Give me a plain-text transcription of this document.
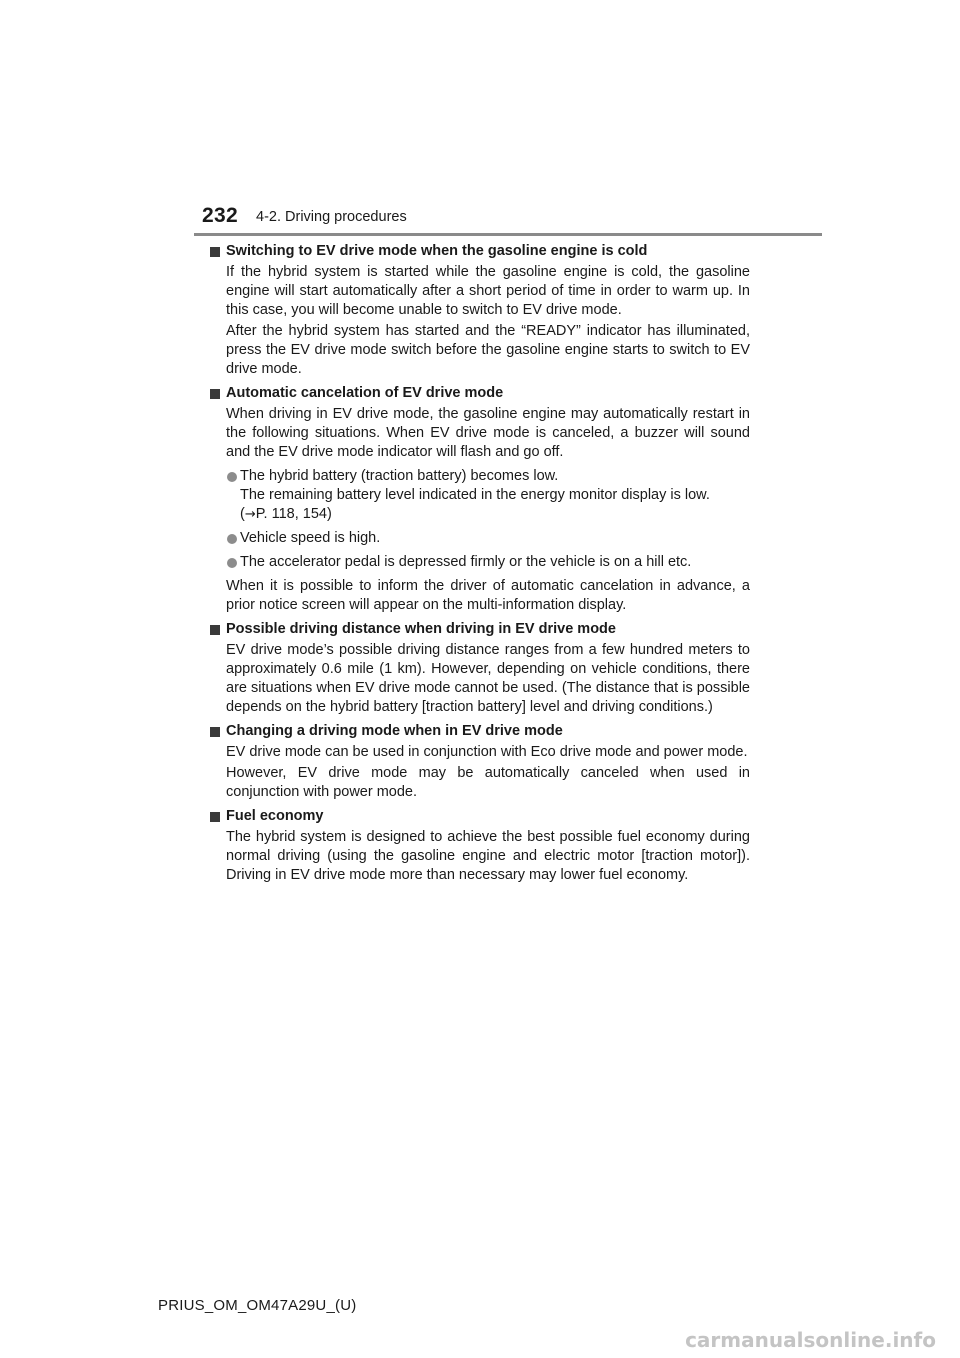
232 4-2. Driving procedures
Switching to EV drive mode when the gasoline engine is cold
If the hybrid system is started while the gasoline engine is cold, the gasoline engine will start automatically after a short period of time in order to warm up. In this case, you will become unable to switch to EV drive mode.
After the hybrid system has started and the “READY” indicator has illuminated, press the EV drive mode switch before the gasoline engine starts to switch to EV drive mode.
Automatic cancelation of EV drive mode
When driving in EV drive mode, the gasoline engine may automatically restart in the following situations. When EV drive mode is canceled, a buzzer will sound and the EV drive mode indicator will flash and go off.
The hybrid battery (traction battery) becomes low.
The remaining battery level indicated in the energy monitor display is low.
(→P. 118, 154)
Vehicle speed is high.
The accelerator pedal is depressed firmly or the vehicle is on a hill etc.
When it is possible to inform the driver of automatic cancelation in advance, a prior notice screen will appear on the multi-information display.
Possible driving distance when driving in EV drive mode
EV drive mode’s possible driving distance ranges from a few hundred meters to approximately 0.6 mile (1 km). However, depending on vehicle conditions, there are situations when EV drive mode cannot be used. (The distance that is possible depends on the hybrid battery [traction battery] level and driving conditions.)
Changing a driving mode when in EV drive mode
EV drive mode can be used in conjunction with Eco drive mode and power mode.
However, EV drive mode may be automatically canceled when used in conjunction with power mode.
Fuel economy
The hybrid system is designed to achieve the best possible fuel economy during normal driving (using the gasoline engine and electric motor [traction motor]). Driving in EV drive mode more than necessary may lower fuel economy.
PRIUS_OM_OM47A29U_(U)
carmanualsonline.info
